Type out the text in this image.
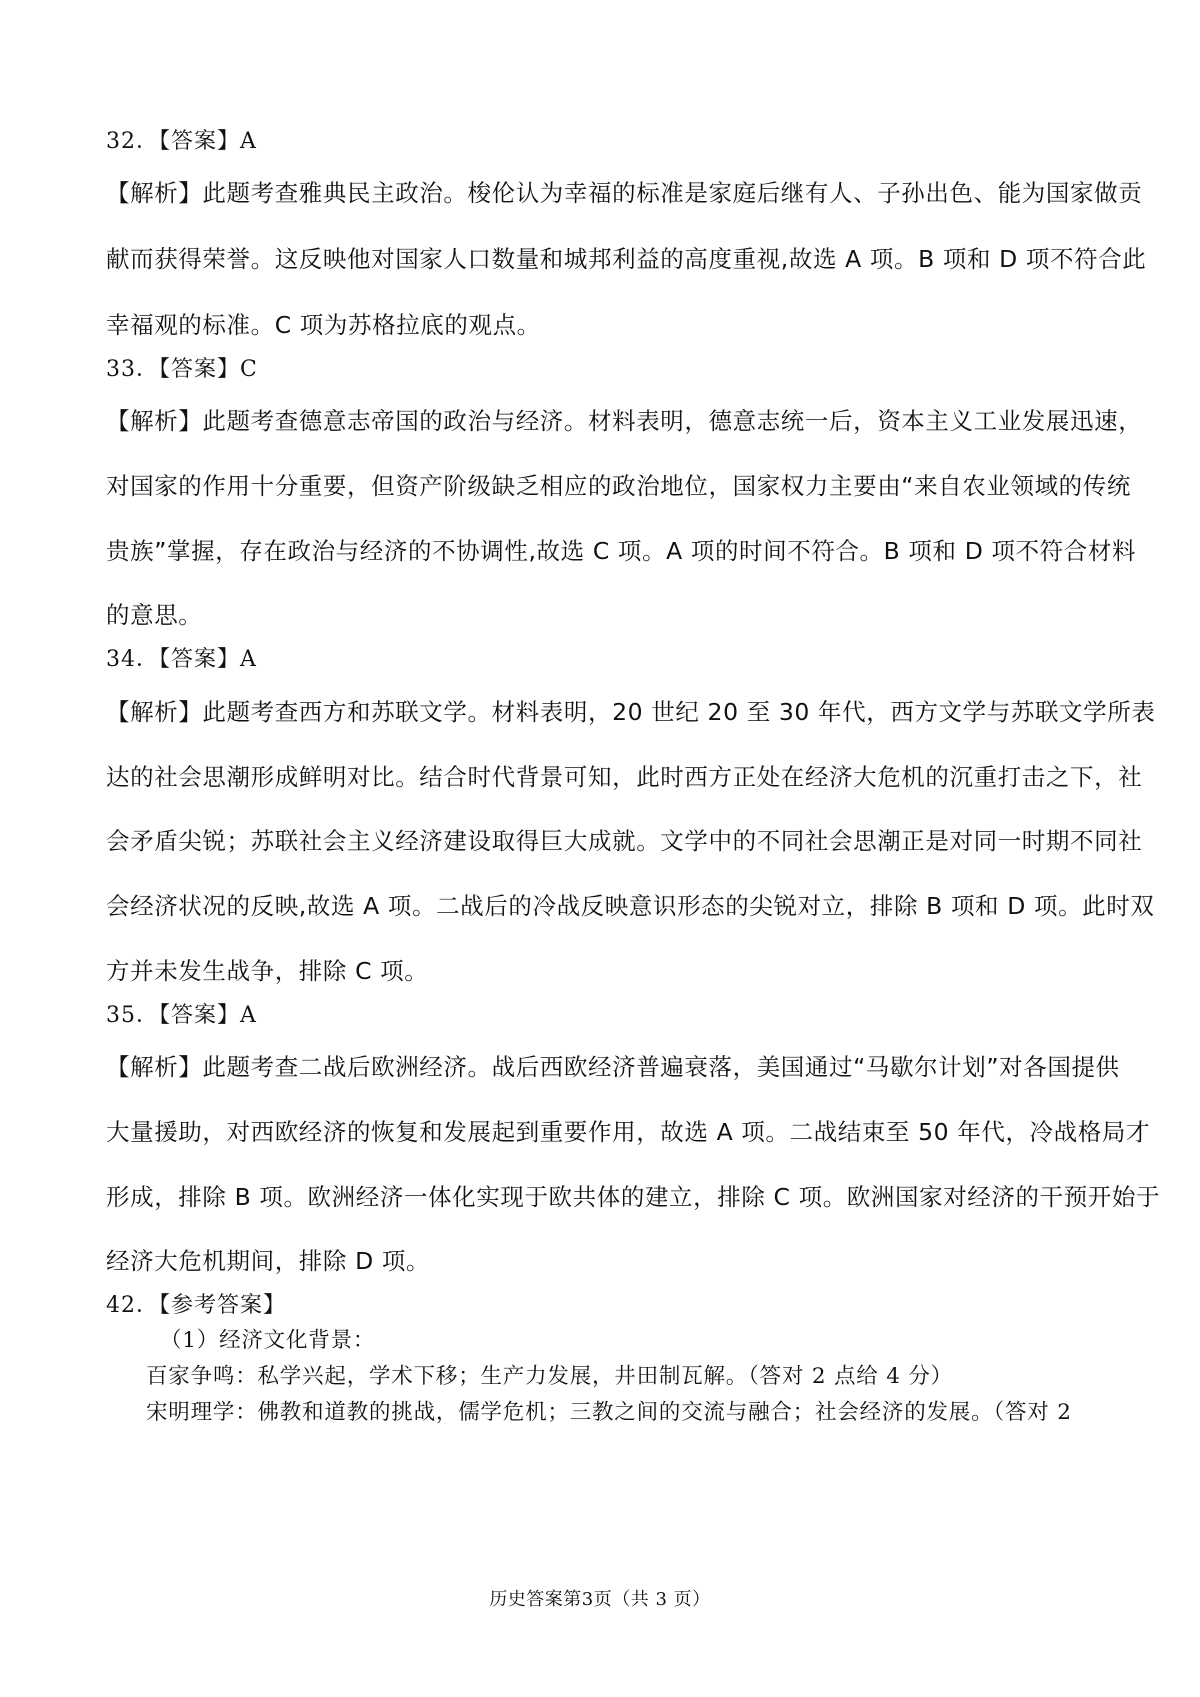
32．【答案】A
【解析】此题考查雅典民主政治。梭伦认为幸福的标准是家庭后继有人、子孙出色、能为国家做贡
献而获得荣誉。这反映他对国家人口数量和城邦利益的高度重视,故选 A 项。B 项和 D 项不符合此
幸福观的标准。C 项为苏格拉底的观点。
33．【答案】C
【解析】此题考查德意志帝国的政治与经济。材料表明，德意志统一后，资本主义工业发展迅速，
对国家的作用十分重要，但资产阶级缺乏相应的政治地位，国家权力主要由“来自农业领域的传统
贵族”掌握，存在政治与经济的不协调性,故选 C 项。A 项的时间不符合。B 项和 D 项不符合材料
的意思。
34．【答案】A
【解析】此题考查西方和苏联文学。材料表明，20 世纪 20 至 30 年代，西方文学与苏联文学所表
达的社会思潮形成鲜明对比。结合时代背景可知，此时西方正处在经济大危机的沉重打击之下，社
会矛盾尖锐；苏联社会主义经济建设取得巨大成就。文学中的不同社会思潮正是对同一时期不同社
会经济状况的反映,故选 A 项。二战后的冷战反映意识形态的尖锐对立，排除 B 项和 D 项。此时双
方并未发生战争，排除 C 项。
35．【答案】A
【解析】此题考查二战后欧洲经济。战后西欧经济普遍衰落，美国通过“马歇尔计划”对各国提供
大量援助，对西欧经济的恢复和发展起到重要作用，故选 A 项。二战结束至 50 年代，冷战格局才
形成，排除 B 项。欧洲经济一体化实现于欧共体的建立，排除 C 项。欧洲国家对经济的干预开始于
经济大危机期间，排除 D 项。
42．【参考答案】
（1）经济文化背景：
百家争鸣：私学兴起，学术下移；生产力发展，井田制瓦解。（答对 2 点给 4 分）
宋明理学：佛教和道教的挑战，儒学危机；三教之间的交流与融合；社会经济的发展。（答对 2
历史答案第3页（共 3 页）
